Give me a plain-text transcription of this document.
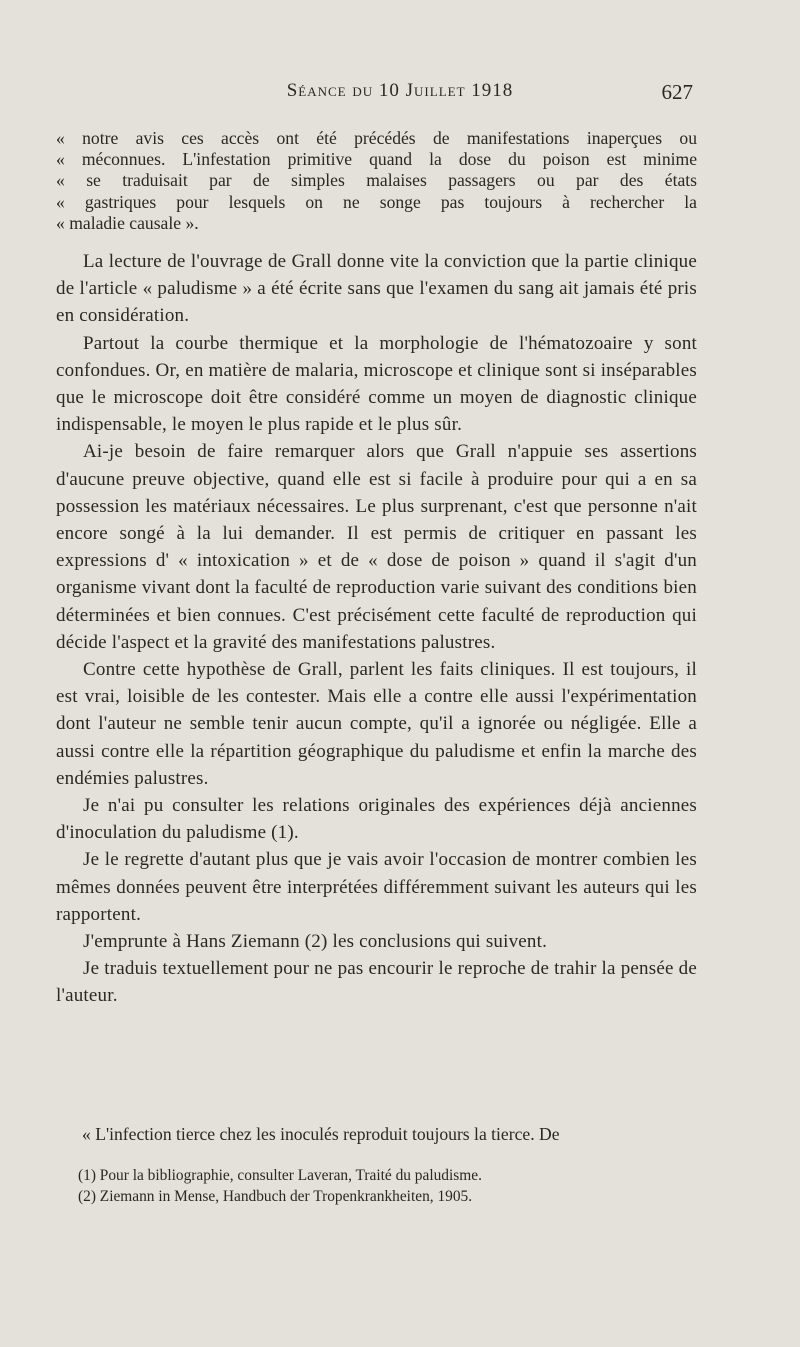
Séance du 10 Juillet 1918	627

« notre avis ces accès ont été précédés de manifestations inaperçues ou

« méconnues. L'infestation primitive quand la dose du poison est minime

« se traduisait par de simples malaises passagers ou par des états

« gastriques pour lesquels on ne songe pas toujours à rechercher la

« maladie causale ».

La lecture de l'ouvrage de Grall donne vite la conviction que la partie clinique de l'article « paludisme » a été écrite sans que l'examen du sang ait jamais été pris en considération.

Partout la courbe thermique et la morphologie de l'hématozoaire y sont confondues. Or, en matière de malaria, microscope et clinique sont si inséparables que le microscope doit être considéré comme un moyen de diagnostic clinique indispensable, le moyen le plus rapide et le plus sûr.

Ai-je besoin de faire remarquer alors que Grall n'appuie ses assertions d'aucune preuve objective, quand elle est si facile à produire pour qui a en sa possession les matériaux nécessaires. Le plus surprenant, c'est que personne n'ait encore songé à la lui demander. Il est permis de critiquer en passant les expressions d' « intoxication » et de « dose de poison » quand il s'agit d'un organisme vivant dont la faculté de reproduction varie suivant des conditions bien déterminées et bien connues. C'est précisément cette faculté de reproduction qui décide l'aspect et la gravité des manifestations palustres.

Contre cette hypothèse de Grall, parlent les faits cliniques. Il est toujours, il est vrai, loisible de les contester. Mais elle a contre elle aussi l'expérimentation dont l'auteur ne semble tenir aucun compte, qu'il a ignorée ou négligée. Elle a aussi contre elle la répartition géographique du paludisme et enfin la marche des endémies palustres.

Je n'ai pu consulter les relations originales des expériences déjà anciennes d'inoculation du paludisme (1).

Je le regrette d'autant plus que je vais avoir l'occasion de montrer combien les mêmes données peuvent être interprétées différemment suivant les auteurs qui les rapportent.

J'emprunte à Hans Ziemann (2) les conclusions qui suivent.

Je traduis textuellement pour ne pas encourir le reproche de trahir la pensée de l'auteur.

« L'infection tierce chez les inoculés reproduit toujours la tierce. De

(1) Pour la bibliographie, consulter Laveran, Traité du paludisme.

(2) Ziemann in Mense, Handbuch der Tropenkrankheiten, 1905.
